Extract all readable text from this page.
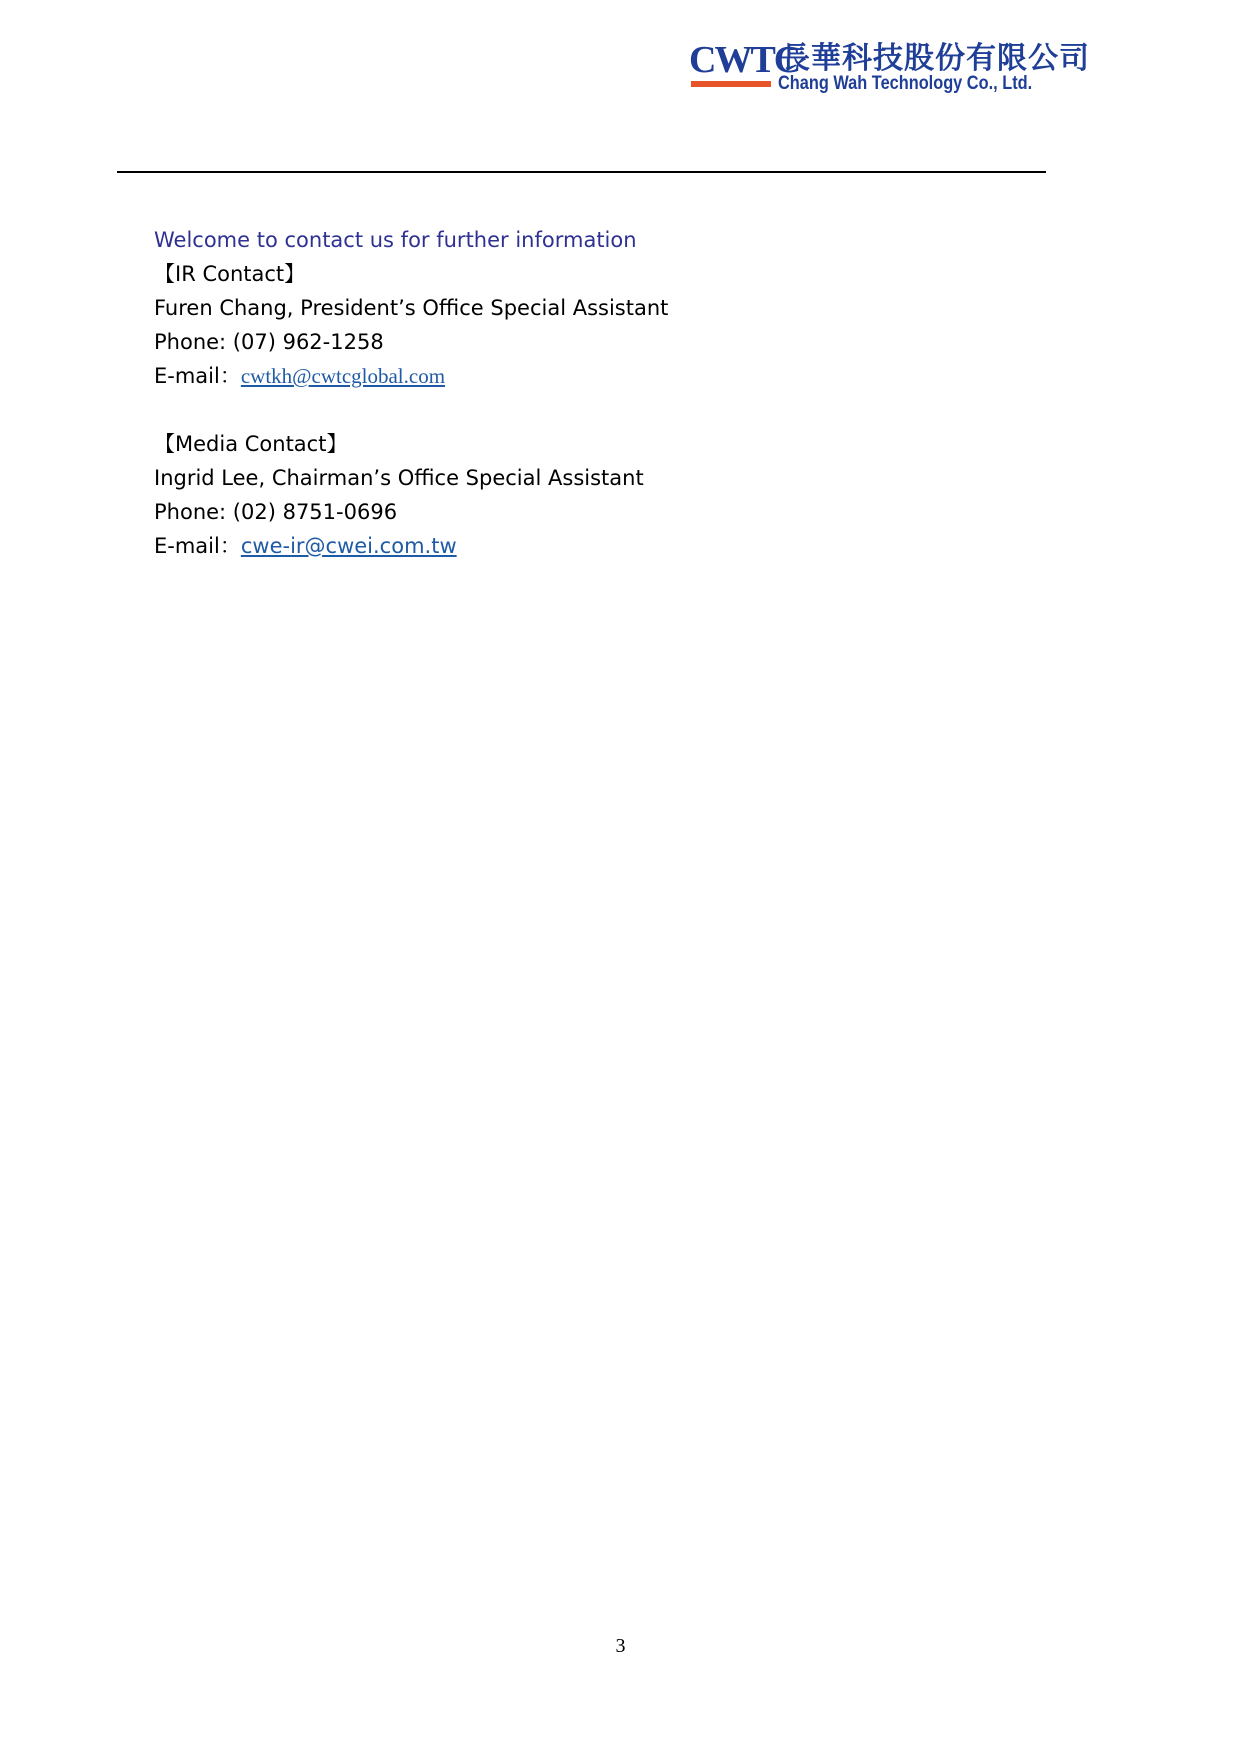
CWTC
長華科技股份有限公司
Chang Wah Technology Co., Ltd.
Welcome to contact us for further information
【IR Contact】
Furen Chang, President’s Office Special Assistant
Phone: (07) 962-1258
E-mail：cwtkh@cwtcglobal.com
【Media Contact】
Ingrid Lee, Chairman’s Office Special Assistant
Phone: (02) 8751-0696
E-mail：cwe-ir@cwei.com.tw
3
